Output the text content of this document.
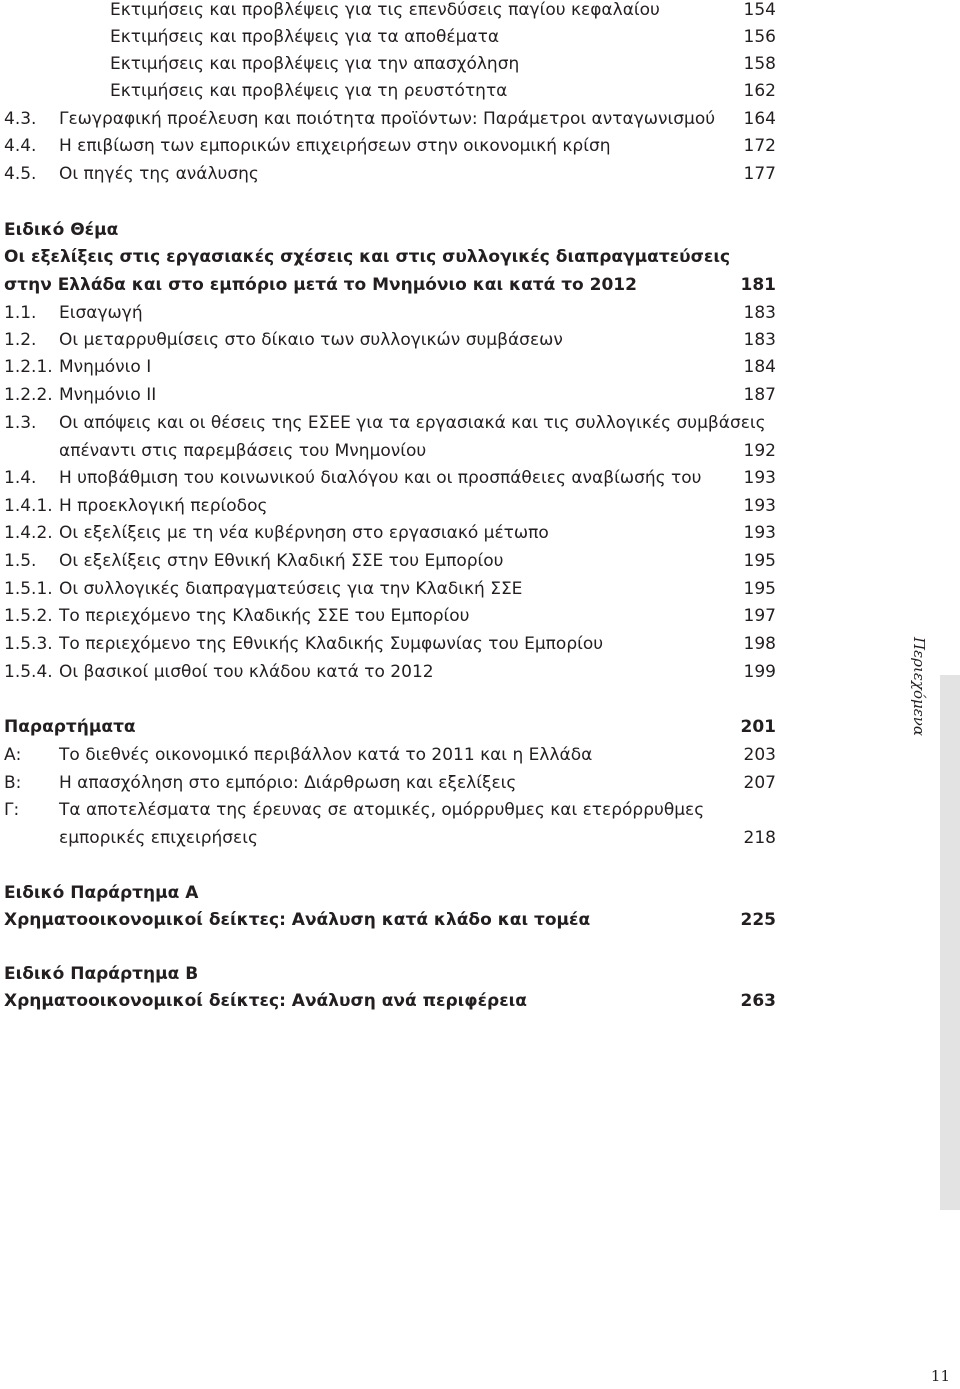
Εκτιμήσεις και προβλέψεις για τις επενδύσεις παγίου κεφαλαίου	154
Εκτιμήσεις και προβλέψεις για τα αποθέματα	156
Εκτιμήσεις και προβλέψεις για την απασχόληση	158
Εκτιμήσεις και προβλέψεις για τη ρευστότητα	162
4.3. Γεωγραφική προέλευση και ποιότητα προϊόντων: Παράμετροι ανταγωνισμού 164
4.4. Η επιβίωση των εμπορικών επιχειρήσεων στην οικονομική κρίση	172
4.5. Οι πηγές της ανάλυσης	177
Ειδικό Θέμα
Οι εξελίξεις στις εργασιακές σχέσεις και στις συλλογικές διαπραγματεύσεις
στην Ελλάδα και στο εμπόριο μετά το Μνημόνιο και κατά το 2012	181
1.1. Εισαγωγή	183
1.2. Οι μεταρρυθμίσεις στο δίκαιο των συλλογικών συμβάσεων	183
1.2.1. Μνημόνιο Ι	184
1.2.2. Μνημόνιο ΙΙ	187
1.3. Οι απόψεις και οι θέσεις της ΕΣΕΕ για τα εργασιακά και τις συλλογικές συμβάσεις
απέναντι στις παρεμβάσεις του Μνημονίου	192
1.4. Η υποβάθμιση του κοινωνικού διαλόγου και οι προσπάθειες αναβίωσής του 193
1.4.1. Η προεκλογική περίοδος	193
1.4.2. Οι εξελίξεις με τη νέα κυβέρνηση στο εργασιακό μέτωπο	193
1.5. Οι εξελίξεις στην Εθνική Κλαδική ΣΣΕ του Εμπορίου	195
1.5.1. Οι συλλογικές διαπραγματεύσεις για την Κλαδική ΣΣΕ	195
1.5.2. Το περιεχόμενο της Κλαδικής ΣΣΕ του Εμπορίου	197
1.5.3. Το περιεχόμενο της Εθνικής Κλαδικής Συμφωνίας του Εμπορίου	198
1.5.4. Οι βασικοί μισθοί του κλάδου κατά το 2012	199
Παραρτήματα	201
Α: Το διεθνές οικονομικό περιβάλλον κατά το 2011 και η Ελλάδα	203
Β: Η απασχόληση στο εμπόριο: Διάρθρωση και εξελίξεις	207
Γ: Τα αποτελέσματα της έρευνας σε ατομικές, ομόρρυθμες και ετερόρρυθμες
εμπορικές επιχειρήσεις	218
Ειδικό Παράρτημα Α
Χρηματοοικονομικοί δείκτες: Ανάλυση κατά κλάδο και τομέα	225
Ειδικό Παράρτημα Β
Χρηματοοικονομικοί δείκτες: Ανάλυση ανά περιφέρεια	263
Περιεχόμενα
11
